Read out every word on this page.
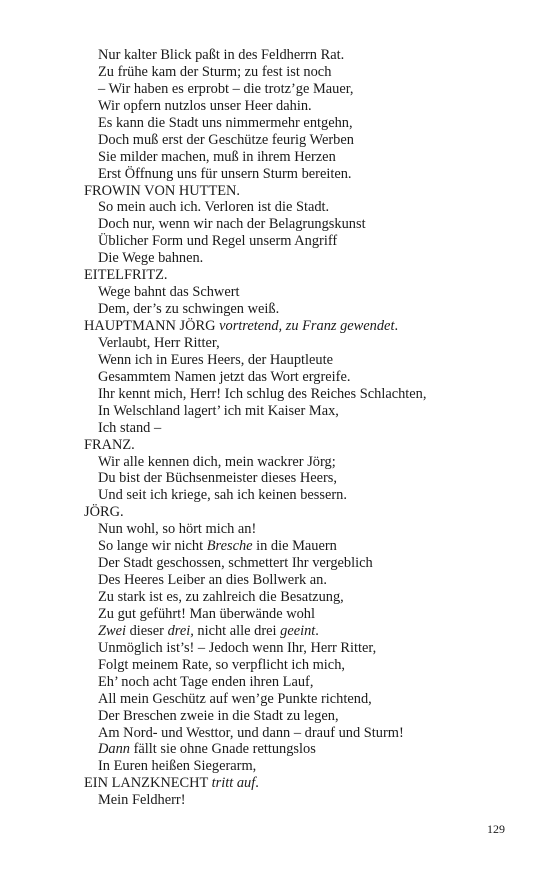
Nur kalter Blick paßt in des Feldherrn Rat.
Zu frühe kam der Sturm; zu fest ist noch
– Wir haben es erprobt – die trotz’ge Mauer,
Wir opfern nutzlos unser Heer dahin.
Es kann die Stadt uns nimmermehr entgehn,
Doch muß erst der Geschütze feurig Werben
Sie milder machen, muß in ihrem Herzen
Erst Öffnung uns für unsern Sturm bereiten.
FROWIN VON HUTTEN.
So mein auch ich. Verloren ist die Stadt.
Doch nur, wenn wir nach der Belagrungskunst
Üblicher Form und Regel unserm Angriff
Die Wege bahnen.
EITELFRITZ.
Wege bahnt das Schwert
Dem, der’s zu schwingen weiß.
HAUPTMANN JÖRG vortretend, zu Franz gewendet.
Verlaubt, Herr Ritter,
Wenn ich in Eures Heers, der Hauptleute
Gesammtem Namen jetzt das Wort ergreife.
Ihr kennt mich, Herr! Ich schlug des Reiches Schlachten,
In Welschland lagert’ ich mit Kaiser Max,
Ich stand –
FRANZ.
Wir alle kennen dich, mein wackrer Jörg;
Du bist der Büchsenmeister dieses Heers,
Und seit ich kriege, sah ich keinen bessern.
JÖRG.
Nun wohl, so hört mich an!
So lange wir nicht Bresche in die Mauern
Der Stadt geschossen, schmettert Ihr vergeblich
Des Heeres Leiber an dies Bollwerk an.
Zu stark ist es, zu zahlreich die Besatzung,
Zu gut geführt! Man überwände wohl
Zwei dieser drei, nicht alle drei geeint.
Unmöglich ist’s! – Jedoch wenn Ihr, Herr Ritter,
Folgt meinem Rate, so verpflicht ich mich,
Eh’ noch acht Tage enden ihren Lauf,
All mein Geschütz auf wen’ge Punkte richtend,
Der Breschen zweie in die Stadt zu legen,
Am Nord- und Westtor, und dann – drauf und Sturm!
Dann fällt sie ohne Gnade rettungslos
In Euren heißen Siegerarm,
EIN LANZKNECHT tritt auf.
Mein Feldherr!
129
